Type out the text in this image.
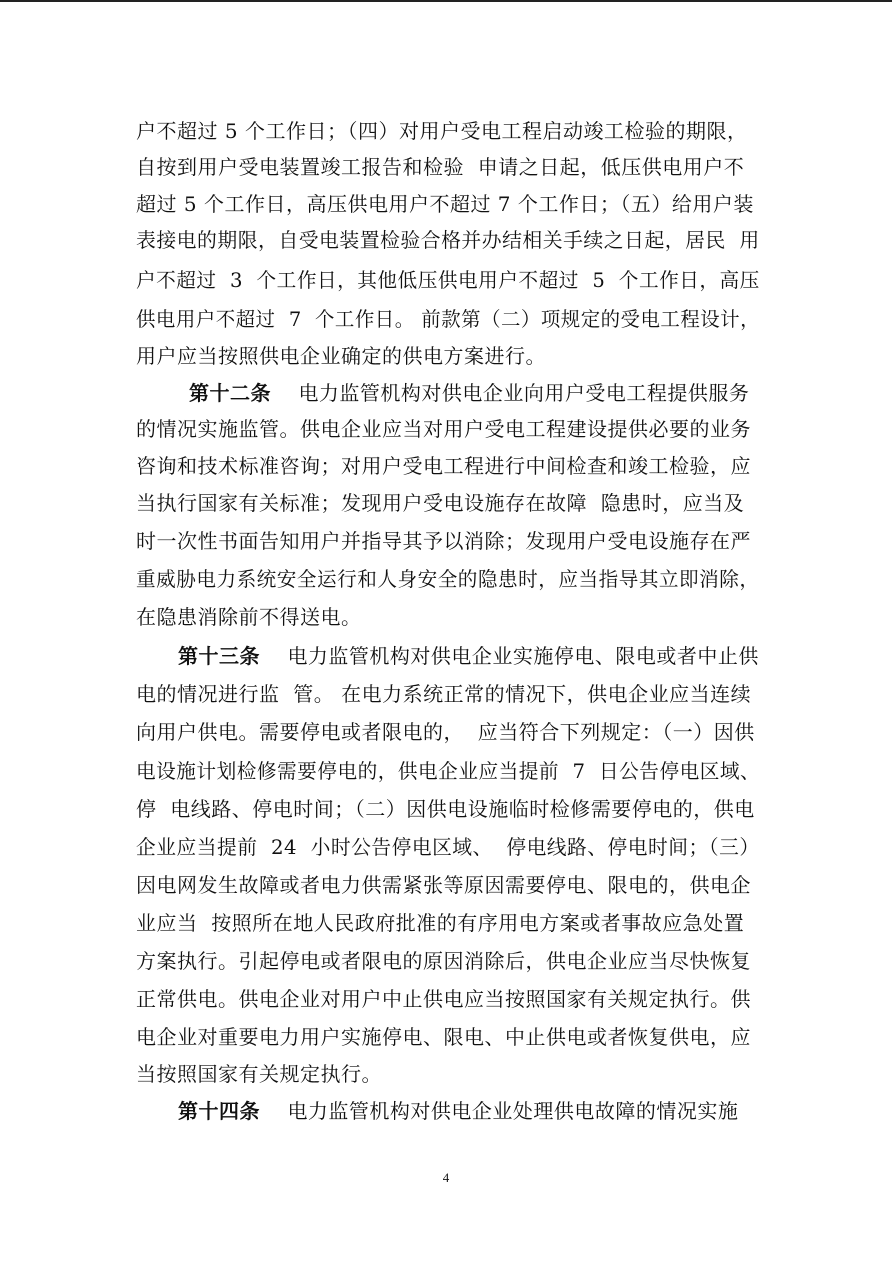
户不超过 5 个工作日；（四）对用户受电工程启动竣工检验的期限，
自按到用户受电装置竣工报告和检验  申请之日起，低压供电用户不
超过 5 个工作日，高压供电用户不超过 7 个工作日；（五）给用户装
表接电的期限，自受电装置检验合格并办结相关手续之日起，居民  用
户不超过  3  个工作日，其他低压供电用户不超过  5  个工作日，高压
供电用户不超过  7  个工作日。 前款第（二）项规定的受电工程设计，
用户应当按照供电企业确定的供电方案进行。
第十二条 电力监管机构对供电企业向用户受电工程提供服务
的情况实施监管。供电企业应当对用户受电工程建设提供必要的业务
咨询和技术标准咨询；对用户受电工程进行中间检查和竣工检验，应
当执行国家有关标准；发现用户受电设施存在故障  隐患时，应当及
时一次性书面告知用户并指导其予以消除；发现用户受电设施存在严
重威胁电力系统安全运行和人身安全的隐患时，应当指导其立即消除，
在隐患消除前不得送电。
第十三条 电力监管机构对供电企业实施停电、限电或者中止供
电的情况进行监  管。 在电力系统正常的情况下，供电企业应当连续
向用户供电。需要停电或者限电的，  应当符合下列规定：（一）因供
电设施计划检修需要停电的，供电企业应当提前  7  日公告停电区域、
停  电线路、停电时间；（二）因供电设施临时检修需要停电的，供电
企业应当提前  24  小时公告停电区域、  停电线路、停电时间；（三）
因电网发生故障或者电力供需紧张等原因需要停电、限电的，供电企
业应当  按照所在地人民政府批准的有序用电方案或者事故应急处置
方案执行。引起停电或者限电的原因消除后，供电企业应当尽快恢复
正常供电。供电企业对用户中止供电应当按照国家有关规定执行。供
电企业对重要电力用户实施停电、限电、中止供电或者恢复供电，应
当按照国家有关规定执行。
第十四条 电力监管机构对供电企业处理供电故障的情况实施
4
